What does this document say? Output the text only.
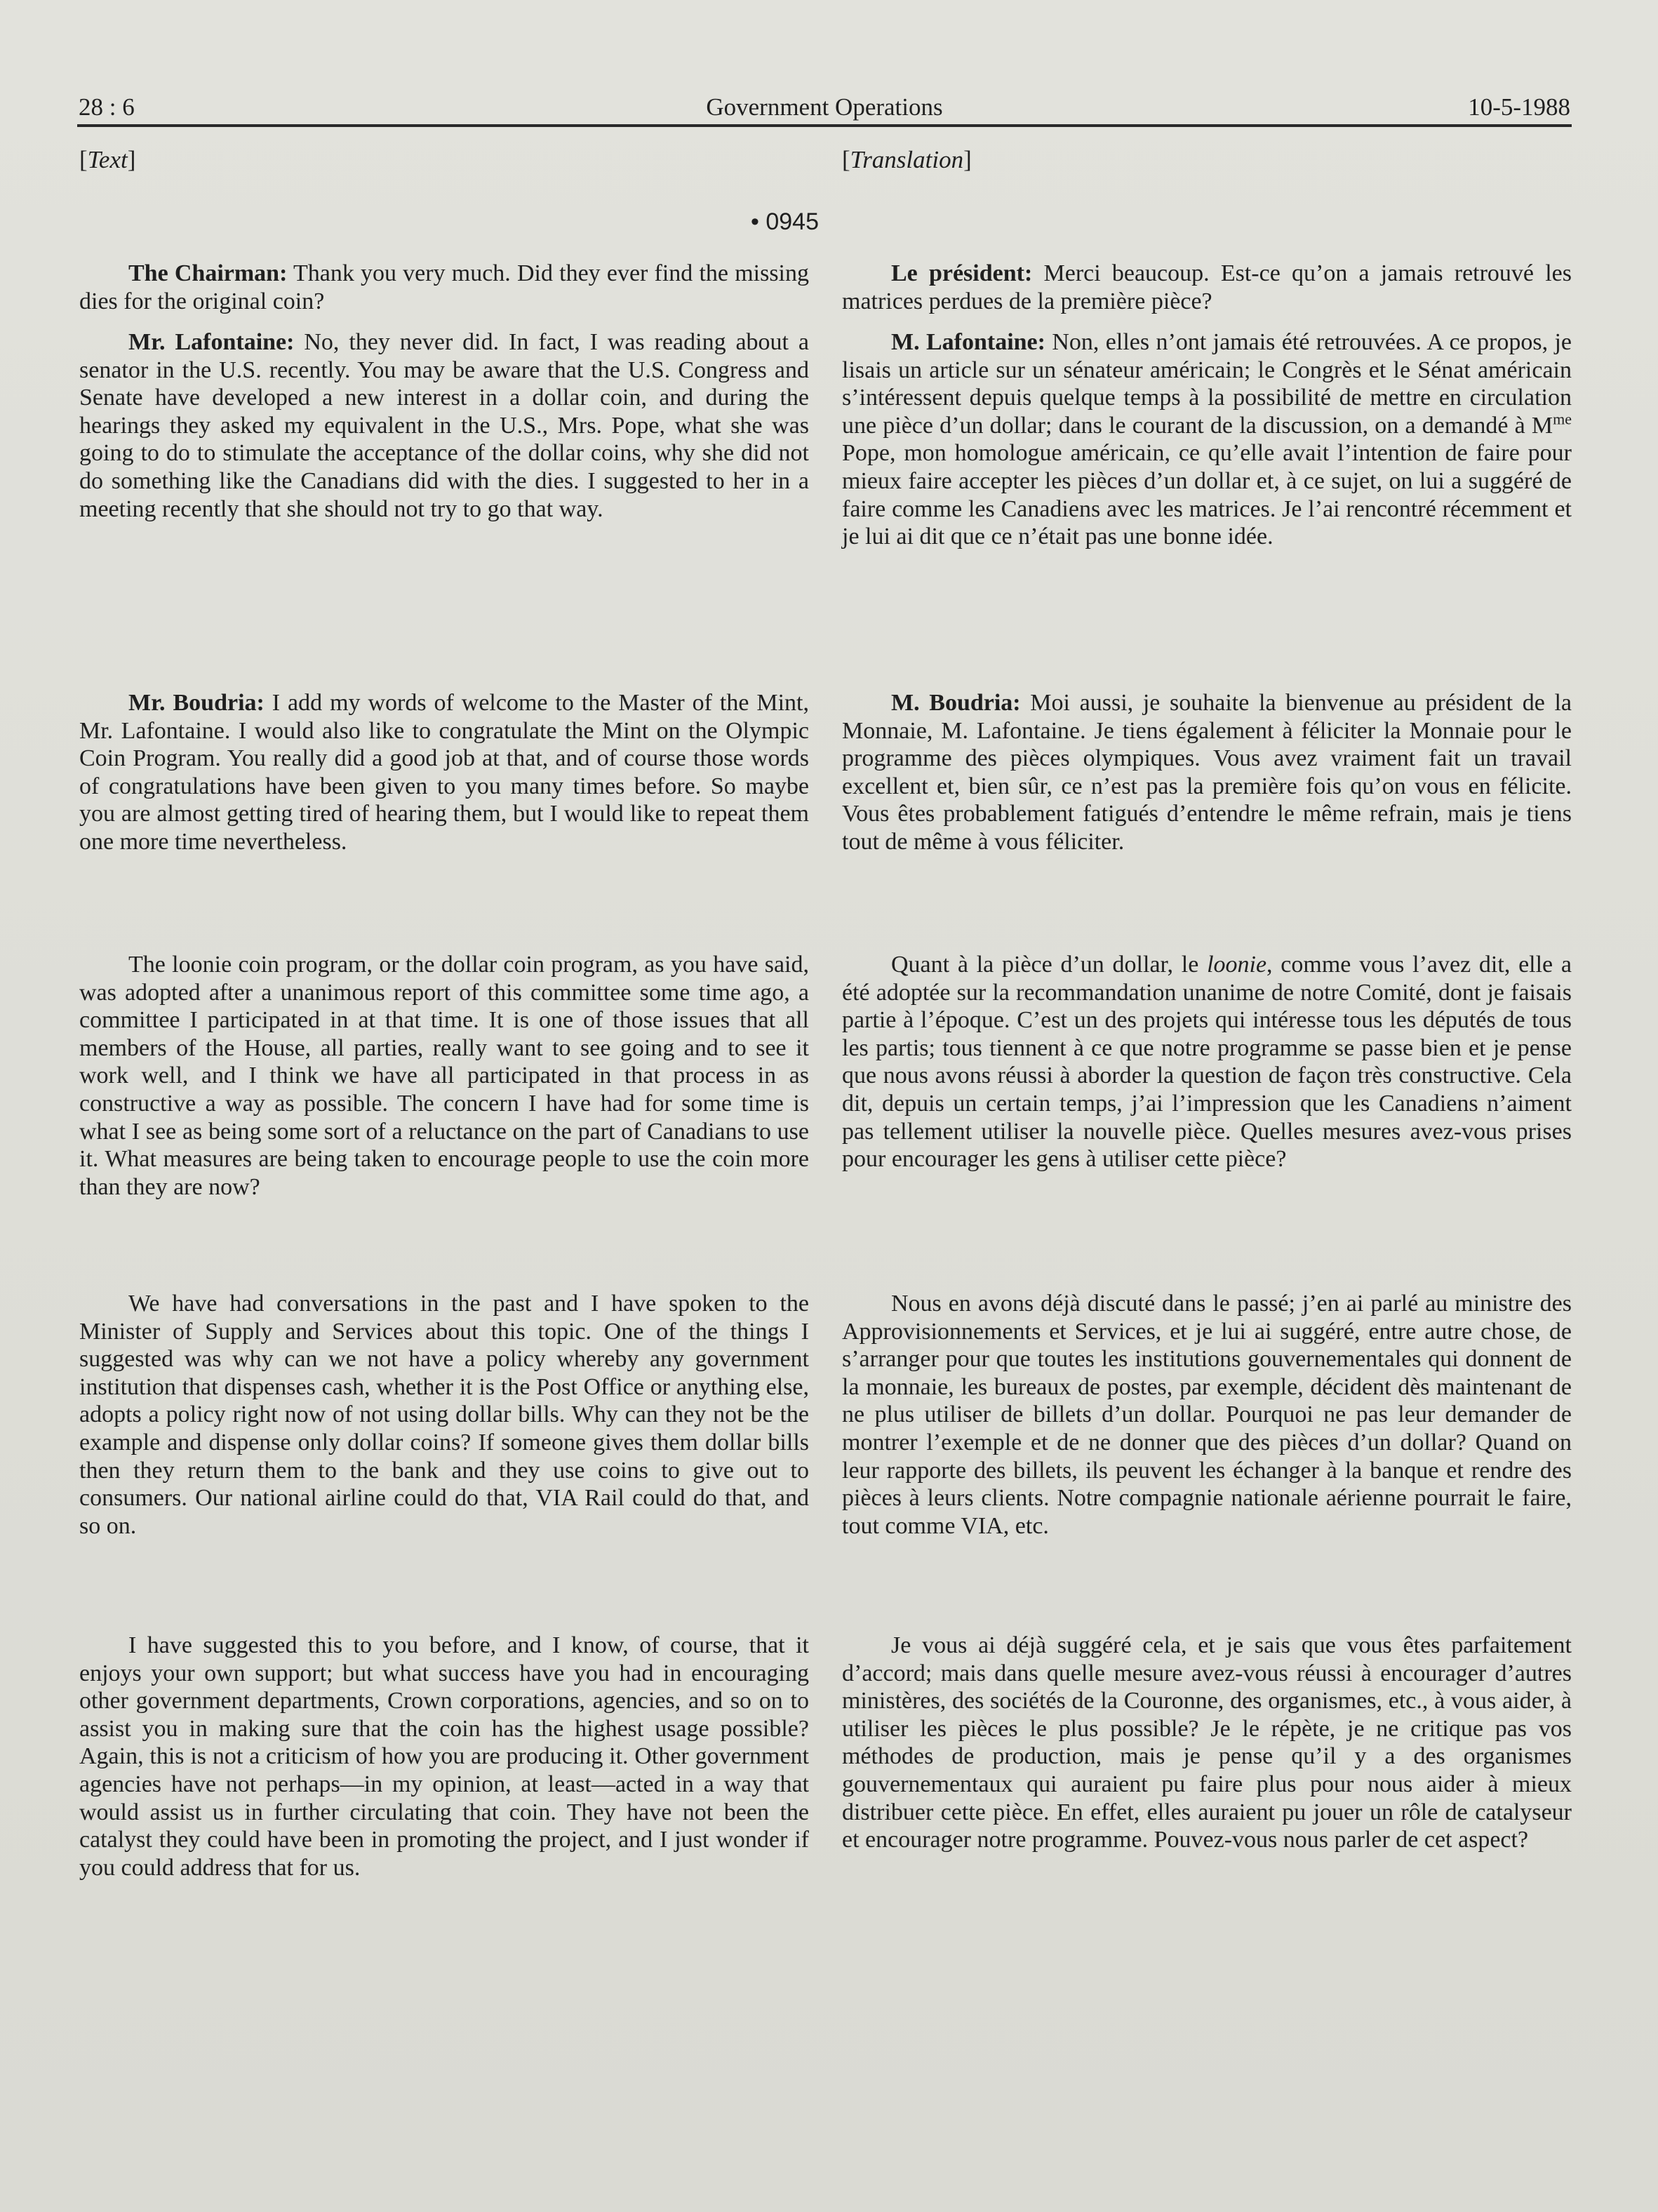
28 : 6	Government Operations	10-5-1988
[Text]	[Translation]
• 0945

The Chairman: Thank you very much. Did they ever find the missing dies for the original coin?

Mr. Lafontaine: No, they never did. In fact, I was reading about a senator in the U.S. recently. You may be aware that the U.S. Congress and Senate have developed a new interest in a dollar coin, and during the hearings they asked my equivalent in the U.S., Mrs. Pope, what she was going to do to stimulate the acceptance of the dollar coins, why she did not do something like the Canadians did with the dies. I suggested to her in a meeting recently that she should not try to go that way.

Mr. Boudria: I add my words of welcome to the Master of the Mint, Mr. Lafontaine. I would also like to congratulate the Mint on the Olympic Coin Program. You really did a good job at that, and of course those words of congratulations have been given to you many times before. So maybe you are almost getting tired of hearing them, but I would like to repeat them one more time nevertheless.

The loonie coin program, or the dollar coin program, as you have said, was adopted after a unanimous report of this committee some time ago, a committee I participated in at that time. It is one of those issues that all members of the House, all parties, really want to see going and to see it work well, and I think we have all participated in that process in as constructive a way as possible. The concern I have had for some time is what I see as being some sort of a reluctance on the part of Canadians to use it. What measures are being taken to encourage people to use the coin more than they are now?

We have had conversations in the past and I have spoken to the Minister of Supply and Services about this topic. One of the things I suggested was why can we not have a policy whereby any government institution that dispenses cash, whether it is the Post Office or anything else, adopts a policy right now of not using dollar bills. Why can they not be the example and dispense only dollar coins? If someone gives them dollar bills then they return them to the bank and they use coins to give out to consumers. Our national airline could do that, VIA Rail could do that, and so on.

I have suggested this to you before, and I know, of course, that it enjoys your own support; but what success have you had in encouraging other government departments, Crown corporations, agencies, and so on to assist you in making sure that the coin has the highest usage possible? Again, this is not a criticism of how you are producing it. Other government agencies have not perhaps—in my opinion, at least—acted in a way that would assist us in further circulating that coin. They have not been the catalyst they could have been in promoting the project, and I just wonder if you could address that for us.

Le président: Merci beaucoup. Est-ce qu’on a jamais retrouvé les matrices perdues de la première pièce?

M. Lafontaine: Non, elles n’ont jamais été retrouvées. A ce propos, je lisais un article sur un sénateur américain; le Congrès et le Sénat américain s’intéressent depuis quelque temps à la possibilité de mettre en circulation une pièce d’un dollar; dans le courant de la discussion, on a demandé à $M^{me}$ Pope, mon homologue américain, ce qu’elle avait l’intention de faire pour mieux faire accepter les pièces d’un dollar et, à ce sujet, on lui a suggéré de faire comme les Canadiens avec les matrices. Je l’ai rencontré récemment et je lui ai dit que ce n’était pas une bonne idée.

M. Boudria: Moi aussi, je souhaite la bienvenue au président de la Monnaie, M. Lafontaine. Je tiens également à féliciter la Monnaie pour le programme des pièces olympiques. Vous avez vraiment fait un travail excellent et, bien sûr, ce n’est pas la première fois qu’on vous en félicite. Vous êtes probablement fatigués d’entendre le même refrain, mais je tiens tout de même à vous féliciter.

Quant à la pièce d’un dollar, le loonie, comme vous l’avez dit, elle a été adoptée sur la recommandation unanime de notre Comité, dont je faisais partie à l’époque. C’est un des projets qui intéresse tous les députés de tous les partis; tous tiennent à ce que notre programme se passe bien et je pense que nous avons réussi à aborder la question de façon très constructive. Cela dit, depuis un certain temps, j’ai l’impression que les Canadiens n’aiment pas tellement utiliser la nouvelle pièce. Quelles mesures avez-vous prises pour encourager les gens à utiliser cette pièce?

Nous en avons déjà discuté dans le passé; j’en ai parlé au ministre des Approvisionnements et Services, et je lui ai suggéré, entre autre chose, de s’arranger pour que toutes les institutions gouvernementales qui donnent de la monnaie, les bureaux de postes, par exemple, décident dès maintenant de ne plus utiliser de billets d’un dollar. Pourquoi ne pas leur demander de montrer l’exemple et de ne donner que des pièces d’un dollar? Quand on leur rapporte des billets, ils peuvent les échanger à la banque et rendre des pièces à leurs clients. Notre compagnie nationale aérienne pourrait le faire, tout comme VIA, etc.

Je vous ai déjà suggéré cela, et je sais que vous êtes parfaitement d’accord; mais dans quelle mesure avez-vous réussi à encourager d’autres ministères, des sociétés de la Couronne, des organismes, etc., à vous aider, à utiliser les pièces le plus possible? Je le répète, je ne critique pas vos méthodes de production, mais je pense qu’il y a des organismes gouvernementaux qui auraient pu faire plus pour nous aider à mieux distribuer cette pièce. En effet, elles auraient pu jouer un rôle de catalyseur et encourager notre programme. Pouvez-vous nous parler de cet aspect?
